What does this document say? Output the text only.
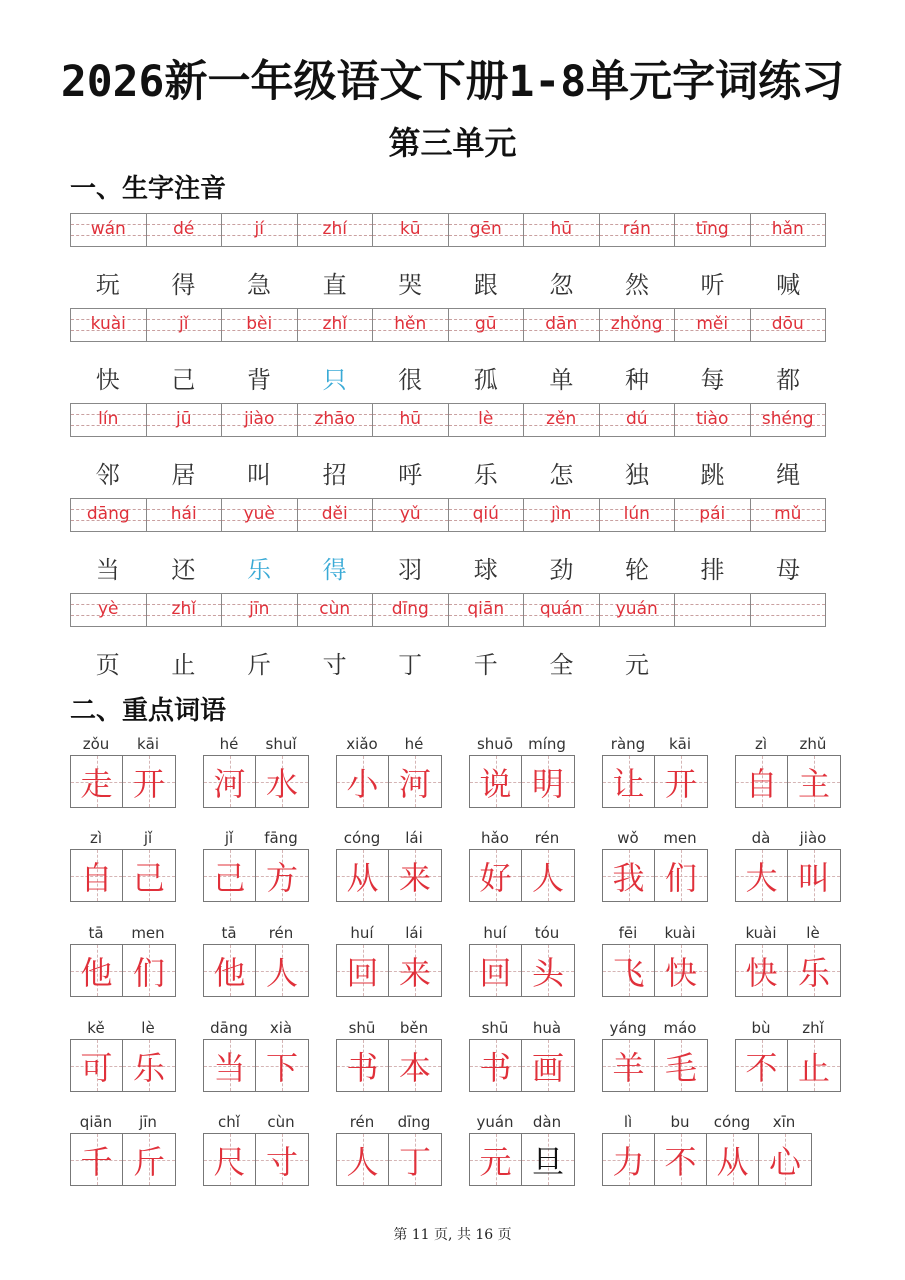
2026新一年级语文下册1-8单元字词练习
第三单元
一、生字注音
wán	dé	jí	zhí	kū	gēn	hū	rán	tīng	hǎn
玩	得	急	直	哭	跟	忽	然	听	喊
kuài	jǐ	bèi	zhǐ	hěn	gū	dān	zhǒng	měi	dōu
快	己	背	只	很	孤	单	种	每	都
lín	jū	jiào	zhāo	hū	lè	zěn	dú	tiào	shéng
邻	居	叫	招	呼	乐	怎	独	跳	绳
dāng	hái	yuè	děi	yǔ	qiú	jìn	lún	pái	mǔ
当	还	乐	得	羽	球	劲	轮	排	母
yè	zhǐ	jīn	cùn	dīng	qiān	quán	yuán
页	止	斤	寸	丁	千	全	元
二、重点词语
zǒu	kāi
走 开
hé	shuǐ
河 水
xiǎo	hé
小 河
shuō	míng
说 明
ràng	kāi
让 开
zì	zhǔ
自 主
zì	jǐ
自 己
jǐ	fāng
己 方
cóng	lái
从 来
hǎo	rén
好 人
wǒ	men
我 们
dà	jiào
大 叫
tā	men
他 们
tā	rén
他 人
huí	lái
回 来
huí	tóu
回 头
fēi	kuài
飞 快
kuài	lè
快 乐
kě	lè
可 乐
dāng	xià
当 下
shū	běn
书 本
shū	huà
书 画
yáng	máo
羊 毛
bù	zhǐ
不 止
qiān	jīn
千 斤
chǐ	cùn
尺 寸
rén	dīng
人 丁
yuán	dàn
元 旦
lì	bu	cóng	xīn
力 不 从 心
第 11 页, 共 16 页
